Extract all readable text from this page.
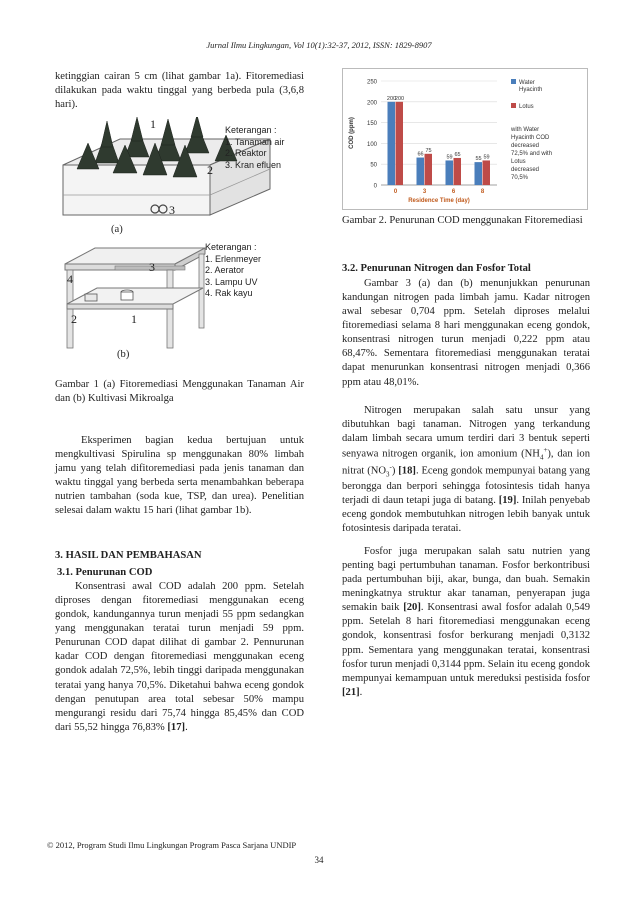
Jurnal Ilmu Lingkungan, Vol 10(1):32-37, 2012, ISSN: 1829-8907

ketinggian cairan 5 cm (lihat gambar 1a). Fitoremediasi dilakukan pada waktu tinggal yang berbeda pula (3,6,8 hari).

1
2
3
Keterangan :
1. Tanaman air
2. Reaktor
3. Kran efluen
(a)
3
4
2	1
Keterangan :
1. Erlenmeyer
2. Aerator
3. Lampu UV
4. Rak kayu
(b)

Gambar 1 (a) Fitoremediasi Menggunakan Tanaman Air dan (b) Kultivasi Mikroalga

Eksperimen bagian kedua bertujuan untuk mengkultivasi Spirulina sp menggunakan 80% limbah jamu yang telah difitoremediasi pada jenis tanaman dan waktu tinggal yang berbeda serta menambahkan beberapa nutrien tambahan (soda kue, TSP, dan urea). Penelitian selesai dalam waktu 15 hari (lihat gambar 1b).

3. HASIL DAN PEMBAHASAN

3.1. Penurunan COD

Konsentrasi awal COD adalah 200 ppm. Setelah diproses dengan fitoremediasi menggunakan eceng gondok, kandungannya turun menjadi 55 ppm sedangkan yang menggunakan teratai turun menjadi 59 ppm. Penurunan COD dapat dilihat di gambar 2. Pennurunan kadar COD dengan fitoremediasi menggunakan eceng gondok adalah 72,5%, lebih tinggi daripada menggunakan teratai yang hanya 70,5%. Diketahui bahwa eceng gondok dengan penutupan area total sebesar 50% mampu mengurangi residu dari 75,74 hingga 85,45% dan COD dari 55,52 hingga 76,83% [17].

0
50
100
150
200
250
COD (ppm)
200
200
0
66
75
3
59 65
6
55 59
8
Residence Time (day)
Water
Hyacinth
Lotus
with Water
Hyacinth COD
decreased
72,5% and with
Lotus
decreased
70,5%

Gambar 2. Penurunan COD menggunakan Fitoremediasi

3.2. Penurunan Nitrogen dan Fosfor Total

Gambar 3 (a) dan (b) menunjukkan penurunan kandungan nitrogen pada limbah jamu. Kadar nitrogen awal sebesar 0,704 ppm. Setelah diproses melalui fitoremediasi selama 8 hari menggunakan eceng gondok, konsentrasi nitrogen turun menjadi 0,222 ppm atau 68,47%. Sementara fitoremediasi menggunakan teratai dapat menurunkan konsentrasi nitrogen menjadi 0,366 ppm atau 48,01%.

Nitrogen merupakan salah satu unsur yang dibutuhkan bagi tanaman. Nitrogen yang terkandung dalam limbah secara umum terdiri dari 3 bentuk seperti senyawa nitrogen organik, ion amonium $(NH_4^+)$, dan ion nitrat $(NO_3^-)$ [18]. Eceng gondok mempunyai batang yang berongga dan berpori sehingga fotosintesis tidah hanya terjadi di daun tetapi juga di batang. [19]. Inilah penyebab eceng gondok membutuhkan nitrogen lebih banyak untuk fotosintesis daripada teratai.

Fosfor juga merupakan salah satu nutrien yang penting bagi pertumbuhan tanaman. Fosfor berkontribusi pada pertumbuhan biji, akar, bunga, dan buah. Semakin meningkatnya struktur akar tanaman, penyerapan juga semakin baik [20]. Konsentrasi awal fosfor adalah 0,549 ppm. Setelah 8 hari fitoremediasi menggunakan eceng gondok, konsentrasi fosfor berkurang menjadi 0,3132 ppm. Sementara yang menggunakan teratai, konsentrasi fosfor turun menjadi 0,3144 ppm. Selain itu eceng gondok mempunyai kemampuan untuk mereduksi pestisida fosfor [21].

© 2012, Program Studi Ilmu Lingkungan Program Pasca Sarjana UNDIP
34
